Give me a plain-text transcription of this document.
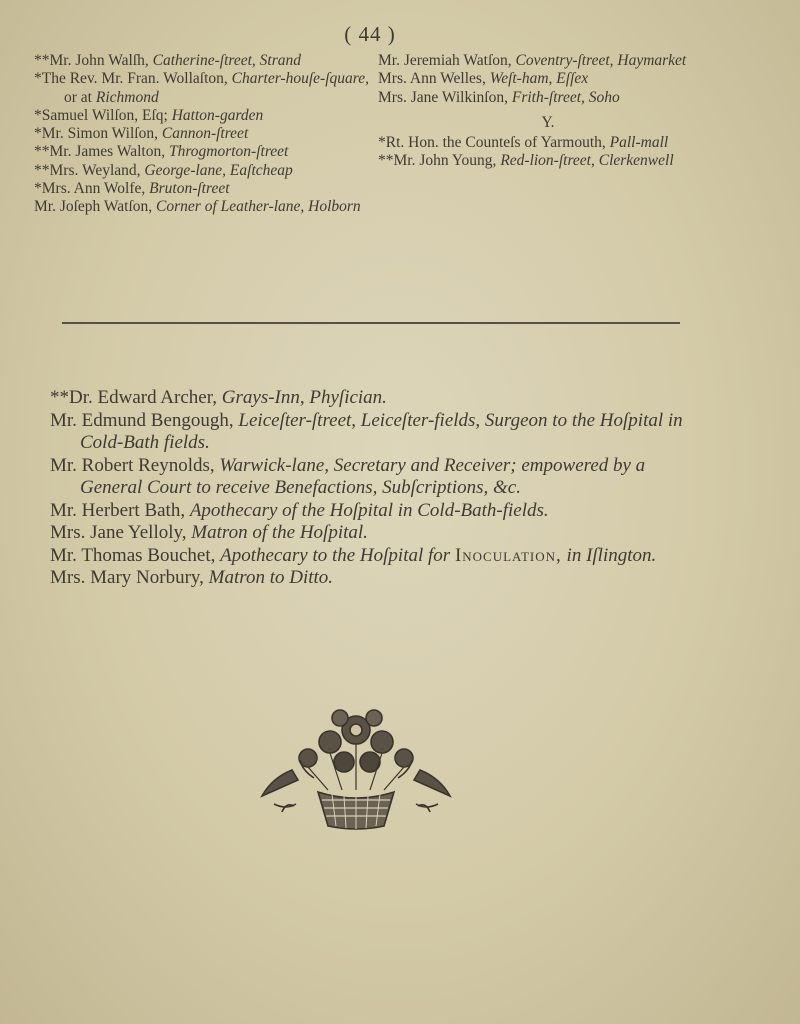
( 44 )

**Mr. John Walſh, Catherine-ſtreet, Strand

*The Rev. Mr. Fran. Wollaſton, Charter-houſe-ſquare, or at Richmond

*Samuel Wilſon, Eſq; Hatton-garden

*Mr. Simon Wilſon, Cannon-ſtreet

**Mr. James Walton, Throgmorton-ſtreet

**Mrs. Weyland, George-lane, Eaſtcheap

*Mrs. Ann Wolfe, Bruton-ſtreet

Mr. Joſeph Watſon, Corner of Leather-lane, Holborn

Mr. Jeremiah Watſon, Coventry-ſtreet, Haymarket

Mrs. Ann Welles, Weſt-ham, Eſſex

Mrs. Jane Wilkinſon, Frith-ſtreet, Soho

Y.

*Rt. Hon. the Counteſs of Yarmouth, Pall-mall

**Mr. John Young, Red-lion-ſtreet, Clerkenwell

**Dr. Edward Archer, Grays-Inn, Phyſician.

Mr. Edmund Bengough, Leiceſter-ſtreet, Leiceſter-fields, Surgeon to the Hoſpital in Cold-Bath fields.

Mr. Robert Reynolds, Warwick-lane, Secretary and Receiver; empowered by a General Court to receive Benefactions, Subſcriptions, &c.

Mr. Herbert Bath, Apothecary of the Hoſpital in Cold-Bath-fields.

Mrs. Jane Yelloly, Matron of the Hoſpital.

Mr. Thomas Bouchet, Apothecary to the Hoſpital for Inoculation, in Iſlington.

Mrs. Mary Norbury, Matron to Ditto.
